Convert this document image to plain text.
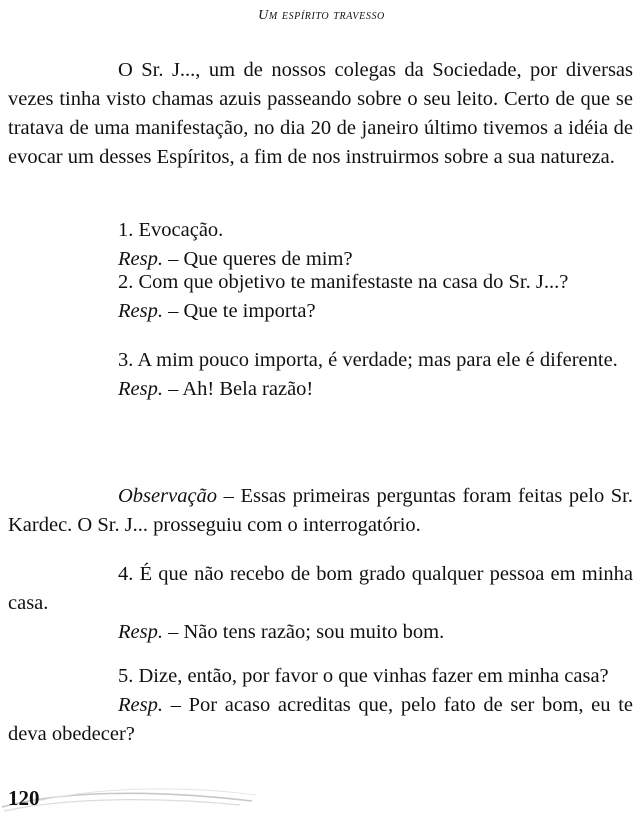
Um espírito travesso

O Sr. J..., um de nossos colegas da Sociedade, por diversas vezes tinha visto chamas azuis passeando sobre o seu leito. Certo de que se tratava de uma manifestação, no dia 20 de janeiro último tivemos a idéia de evocar um desses Espíritos, a fim de nos instruirmos sobre a sua natureza.

1. Evocação.

Resp. – Que queres de mim?

2. Com que objetivo te manifestaste na casa do Sr. J...?

Resp. – Que te importa?

3. A mim pouco importa, é verdade; mas para ele é diferente.

Resp. – Ah! Bela razão!

Observação – Essas primeiras perguntas foram feitas pelo Sr. Kardec. O Sr. J... prosseguiu com o interrogatório.

4. É que não recebo de bom grado qualquer pessoa em minha casa.

Resp. – Não tens razão; sou muito bom.

5. Dize, então, por favor o que vinhas fazer em minha casa?

Resp. – Por acaso acreditas que, pelo fato de ser bom, eu te deva obedecer?

120
